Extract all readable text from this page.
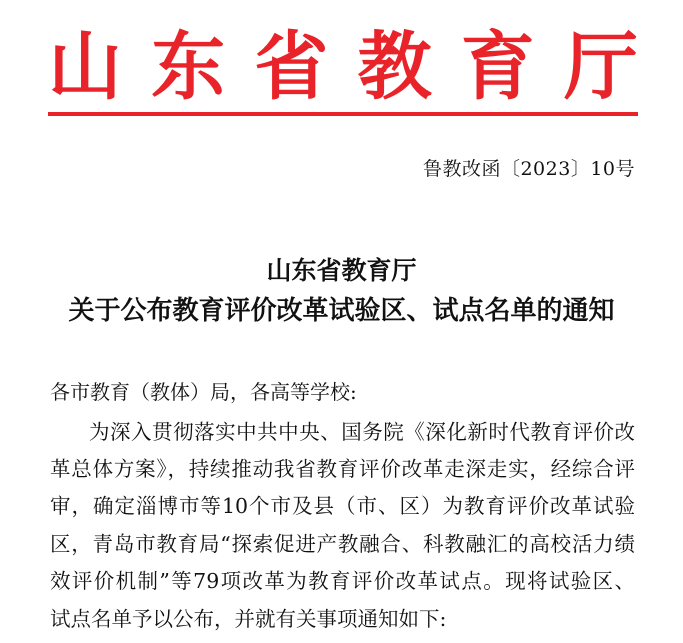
山 东 省 教 育 厅
鲁教改函〔2023〕10号
山东省教育厅
关于公布教育评价改革试验区、试点名单的通知
各市教育（教体）局，各高等学校:
为深入贯彻落实中共中央、国务院《深化新时代教育评价改
革总体方案》，持续推动我省教育评价改革走深走实，经综合评
审，确定淄博市等10个市及县（市、区）为教育评价改革试验
区，青岛市教育局“探索促进产教融合、科教融汇的高校活力绩
效评价机制”等79项改革为教育评价改革试点。现将试验区、
试点名单予以公布，并就有关事项通知如下:
